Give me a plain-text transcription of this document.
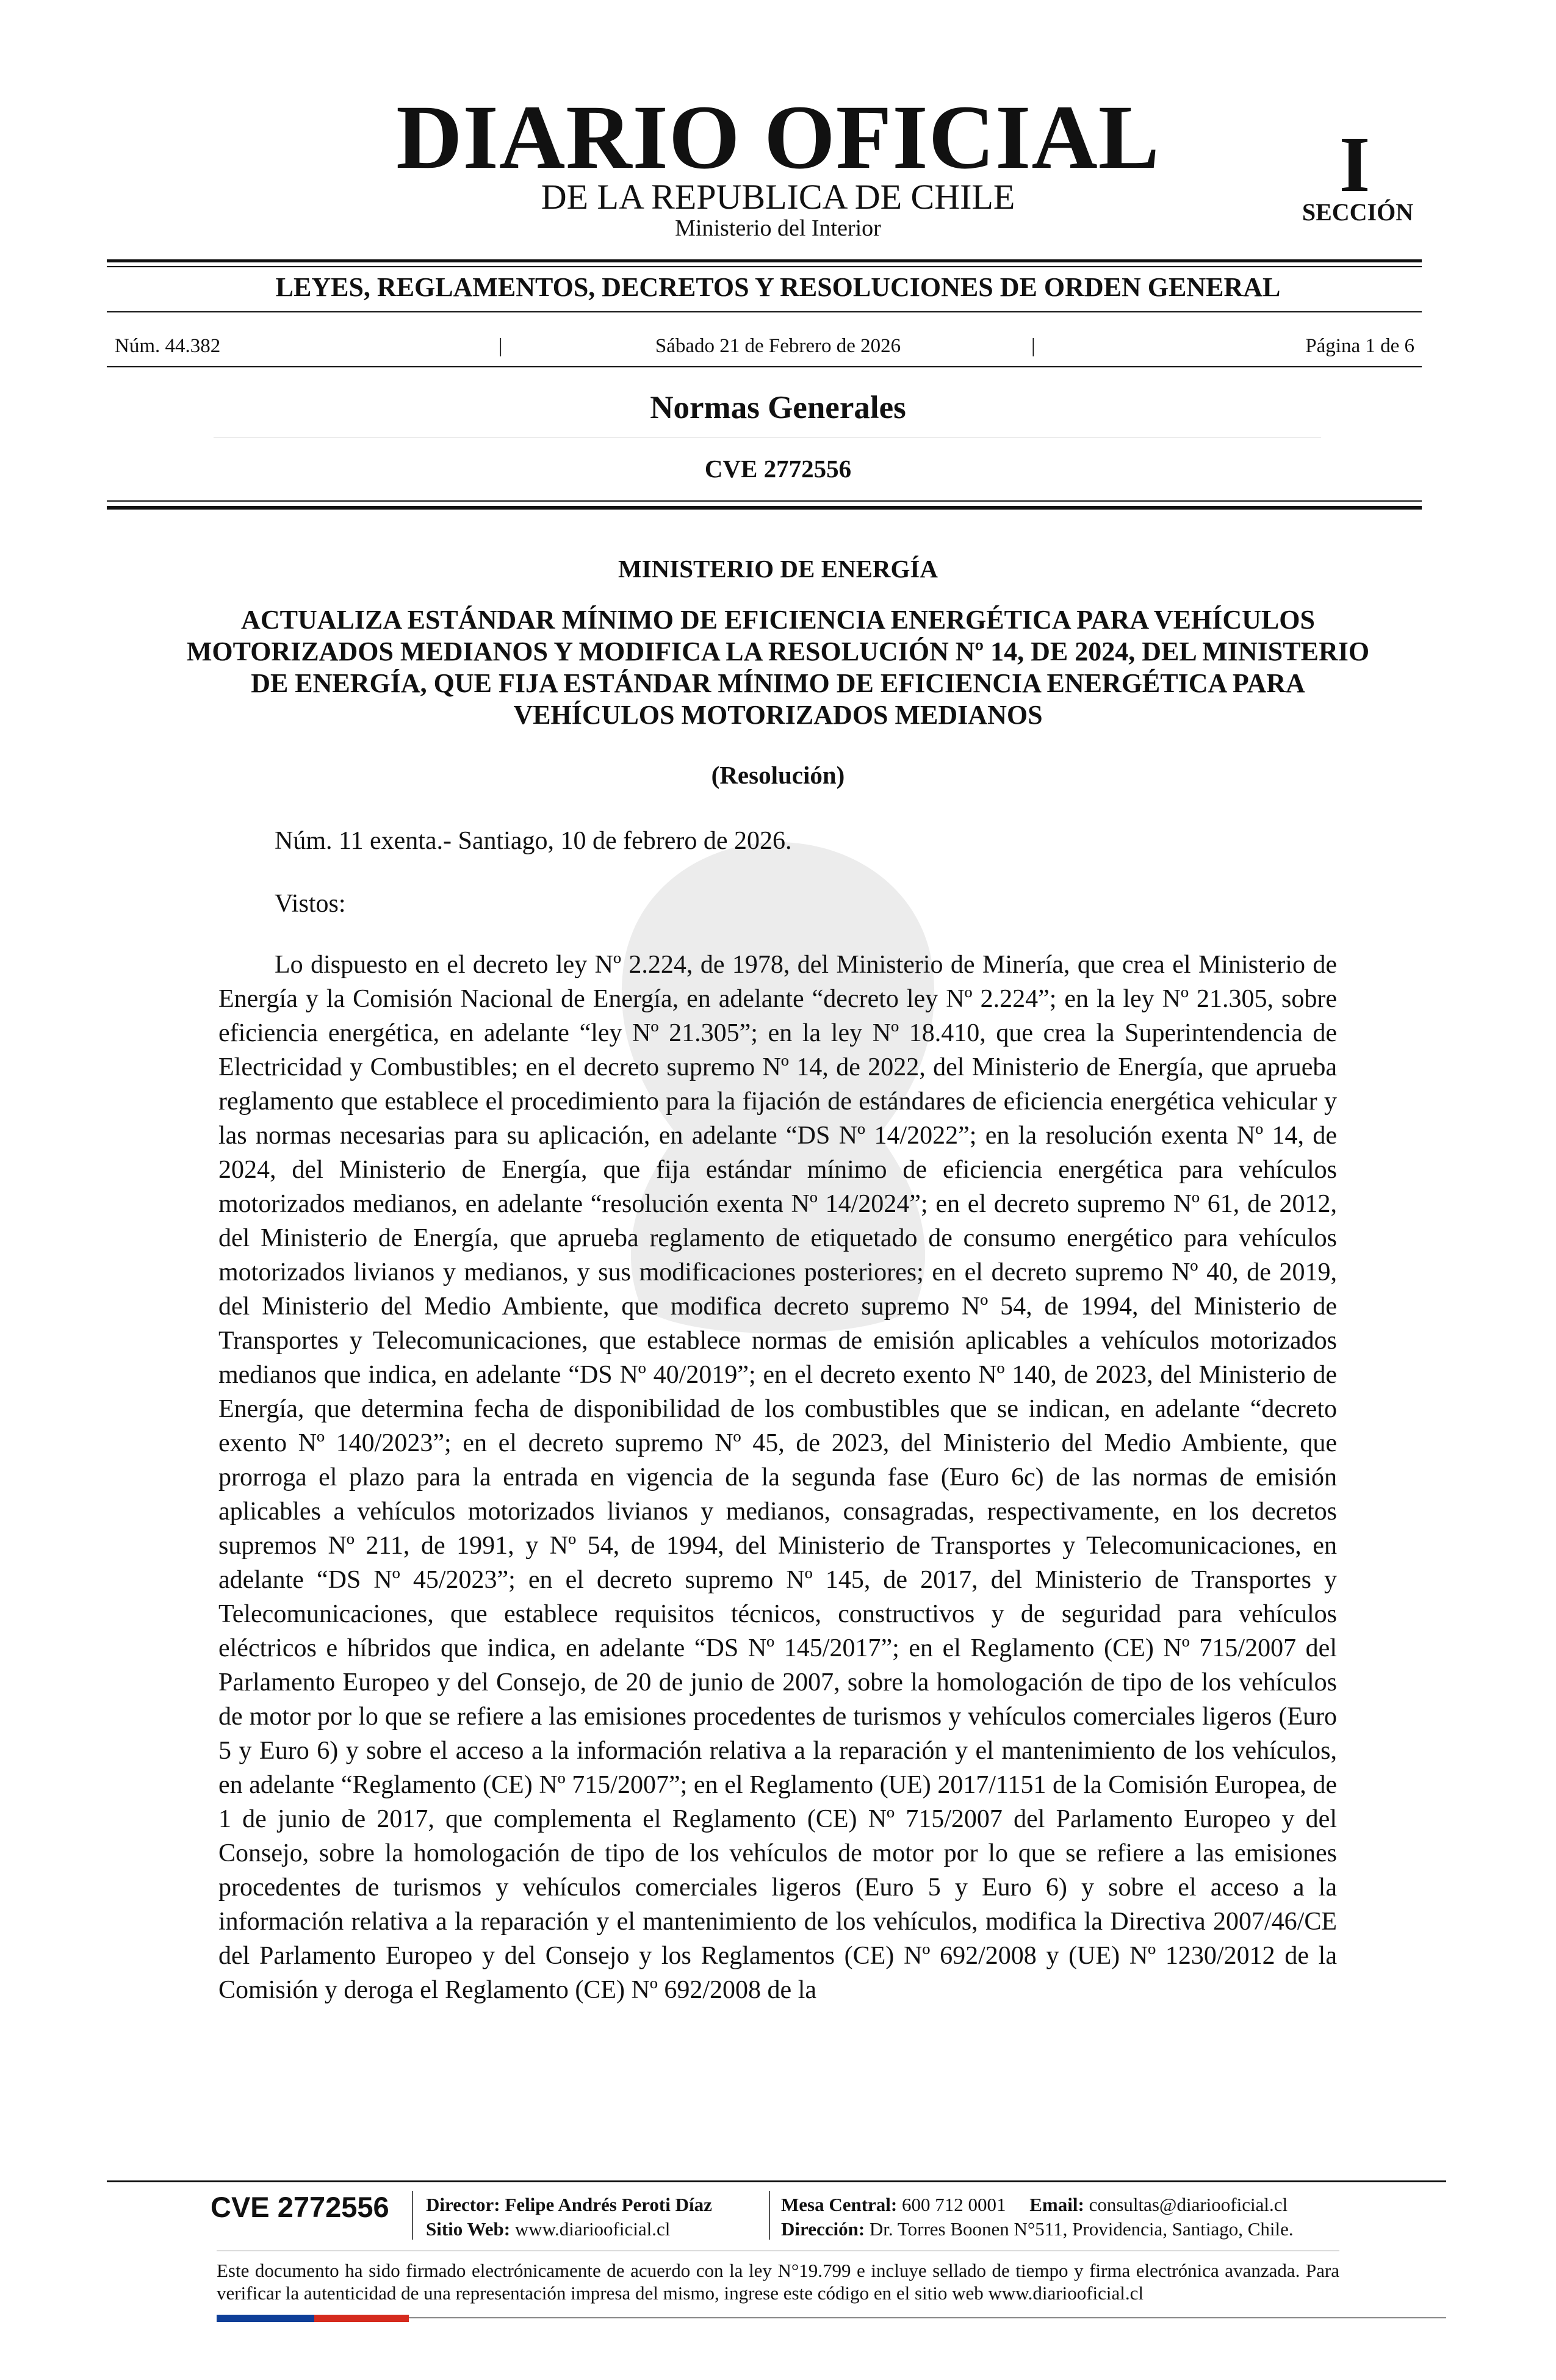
DIARIO OFICIAL
DE LA REPUBLICA DE CHILE
Ministerio del Interior
I
SECCIÓN
LEYES, REGLAMENTOS, DECRETOS Y RESOLUCIONES DE ORDEN GENERAL
Núm. 44.382	|	Sábado 21 de Febrero de 2026	|	Página 1 de 6
Normas Generales
CVE 2772556
MINISTERIO DE ENERGÍA
ACTUALIZA ESTÁNDAR MÍNIMO DE EFICIENCIA ENERGÉTICA PARA VEHÍCULOS MOTORIZADOS MEDIANOS Y MODIFICA LA RESOLUCIÓN Nº 14, DE 2024, DEL MINISTERIO DE ENERGÍA, QUE FIJA ESTÁNDAR MÍNIMO DE EFICIENCIA ENERGÉTICA PARA VEHÍCULOS MOTORIZADOS MEDIANOS
(Resolución)
Núm. 11 exenta.- Santiago, 10 de febrero de 2026.
Vistos:
Lo dispuesto en el decreto ley Nº 2.224, de 1978, del Ministerio de Minería, que crea el Ministerio de Energía y la Comisión Nacional de Energía, en adelante “decreto ley Nº 2.224”; en la ley Nº 21.305, sobre eficiencia energética, en adelante “ley Nº 21.305”; en la ley Nº 18.410, que crea la Superintendencia de Electricidad y Combustibles; en el decreto supremo Nº 14, de 2022, del Ministerio de Energía, que aprueba reglamento que establece el procedimiento para la fijación de estándares de eficiencia energética vehicular y las normas necesarias para su aplicación, en adelante “DS Nº 14/2022”; en la resolución exenta Nº 14, de 2024, del Ministerio de Energía, que fija estándar mínimo de eficiencia energética para vehículos motorizados medianos, en adelante “resolución exenta Nº 14/2024”; en el decreto supremo Nº 61, de 2012, del Ministerio de Energía, que aprueba reglamento de etiquetado de consumo energético para vehículos motorizados livianos y medianos, y sus modificaciones posteriores; en el decreto supremo Nº 40, de 2019, del Ministerio del Medio Ambiente, que modifica decreto supremo Nº 54, de 1994, del Ministerio de Transportes y Telecomunicaciones, que establece normas de emisión aplicables a vehículos motorizados medianos que indica, en adelante “DS Nº 40/2019”; en el decreto exento Nº 140, de 2023, del Ministerio de Energía, que determina fecha de disponibilidad de los combustibles que se indican, en adelante “decreto exento Nº 140/2023”; en el decreto supremo Nº 45, de 2023, del Ministerio del Medio Ambiente, que prorroga el plazo para la entrada en vigencia de la segunda fase (Euro 6c) de las normas de emisión aplicables a vehículos motorizados livianos y medianos, consagradas, respectivamente, en los decretos supremos Nº 211, de 1991, y Nº 54, de 1994, del Ministerio de Transportes y Telecomunicaciones, en adelante “DS Nº 45/2023”; en el decreto supremo Nº 145, de 2017, del Ministerio de Transportes y Telecomunicaciones, que establece requisitos técnicos, constructivos y de seguridad para vehículos eléctricos e híbridos que indica, en adelante “DS Nº 145/2017”; en el Reglamento (CE) Nº 715/2007 del Parlamento Europeo y del Consejo, de 20 de junio de 2007, sobre la homologación de tipo de los vehículos de motor por lo que se refiere a las emisiones procedentes de turismos y vehículos comerciales ligeros (Euro 5 y Euro 6) y sobre el acceso a la información relativa a la reparación y el mantenimiento de los vehículos, en adelante “Reglamento (CE) Nº 715/2007”; en el Reglamento (UE) 2017/1151 de la Comisión Europea, de 1 de junio de 2017, que complementa el Reglamento (CE) Nº 715/2007 del Parlamento Europeo y del Consejo, sobre la homologación de tipo de los vehículos de motor por lo que se refiere a las emisiones procedentes de turismos y vehículos comerciales ligeros (Euro 5 y Euro 6) y sobre el acceso a la información relativa a la reparación y el mantenimiento de los vehículos, modifica la Directiva 2007/46/CE del Parlamento Europeo y del Consejo y los Reglamentos (CE) Nº 692/2008 y (UE) Nº 1230/2012 de la Comisión y deroga el Reglamento (CE) Nº 692/2008 de la
CVE 2772556 Director: Felipe Andrés Peroti Díaz
Sitio Web: www.diariooficial.cl
Mesa Central: 600 712 0001 Email: consultas@diariooficial.cl
Dirección: Dr. Torres Boonen N°511, Providencia, Santiago, Chile.
Este documento ha sido firmado electrónicamente de acuerdo con la ley N°19.799 e incluye sellado de tiempo y firma electrónica avanzada. Para verificar la autenticidad de una representación impresa del mismo, ingrese este código en el sitio web www.diariooficial.cl
